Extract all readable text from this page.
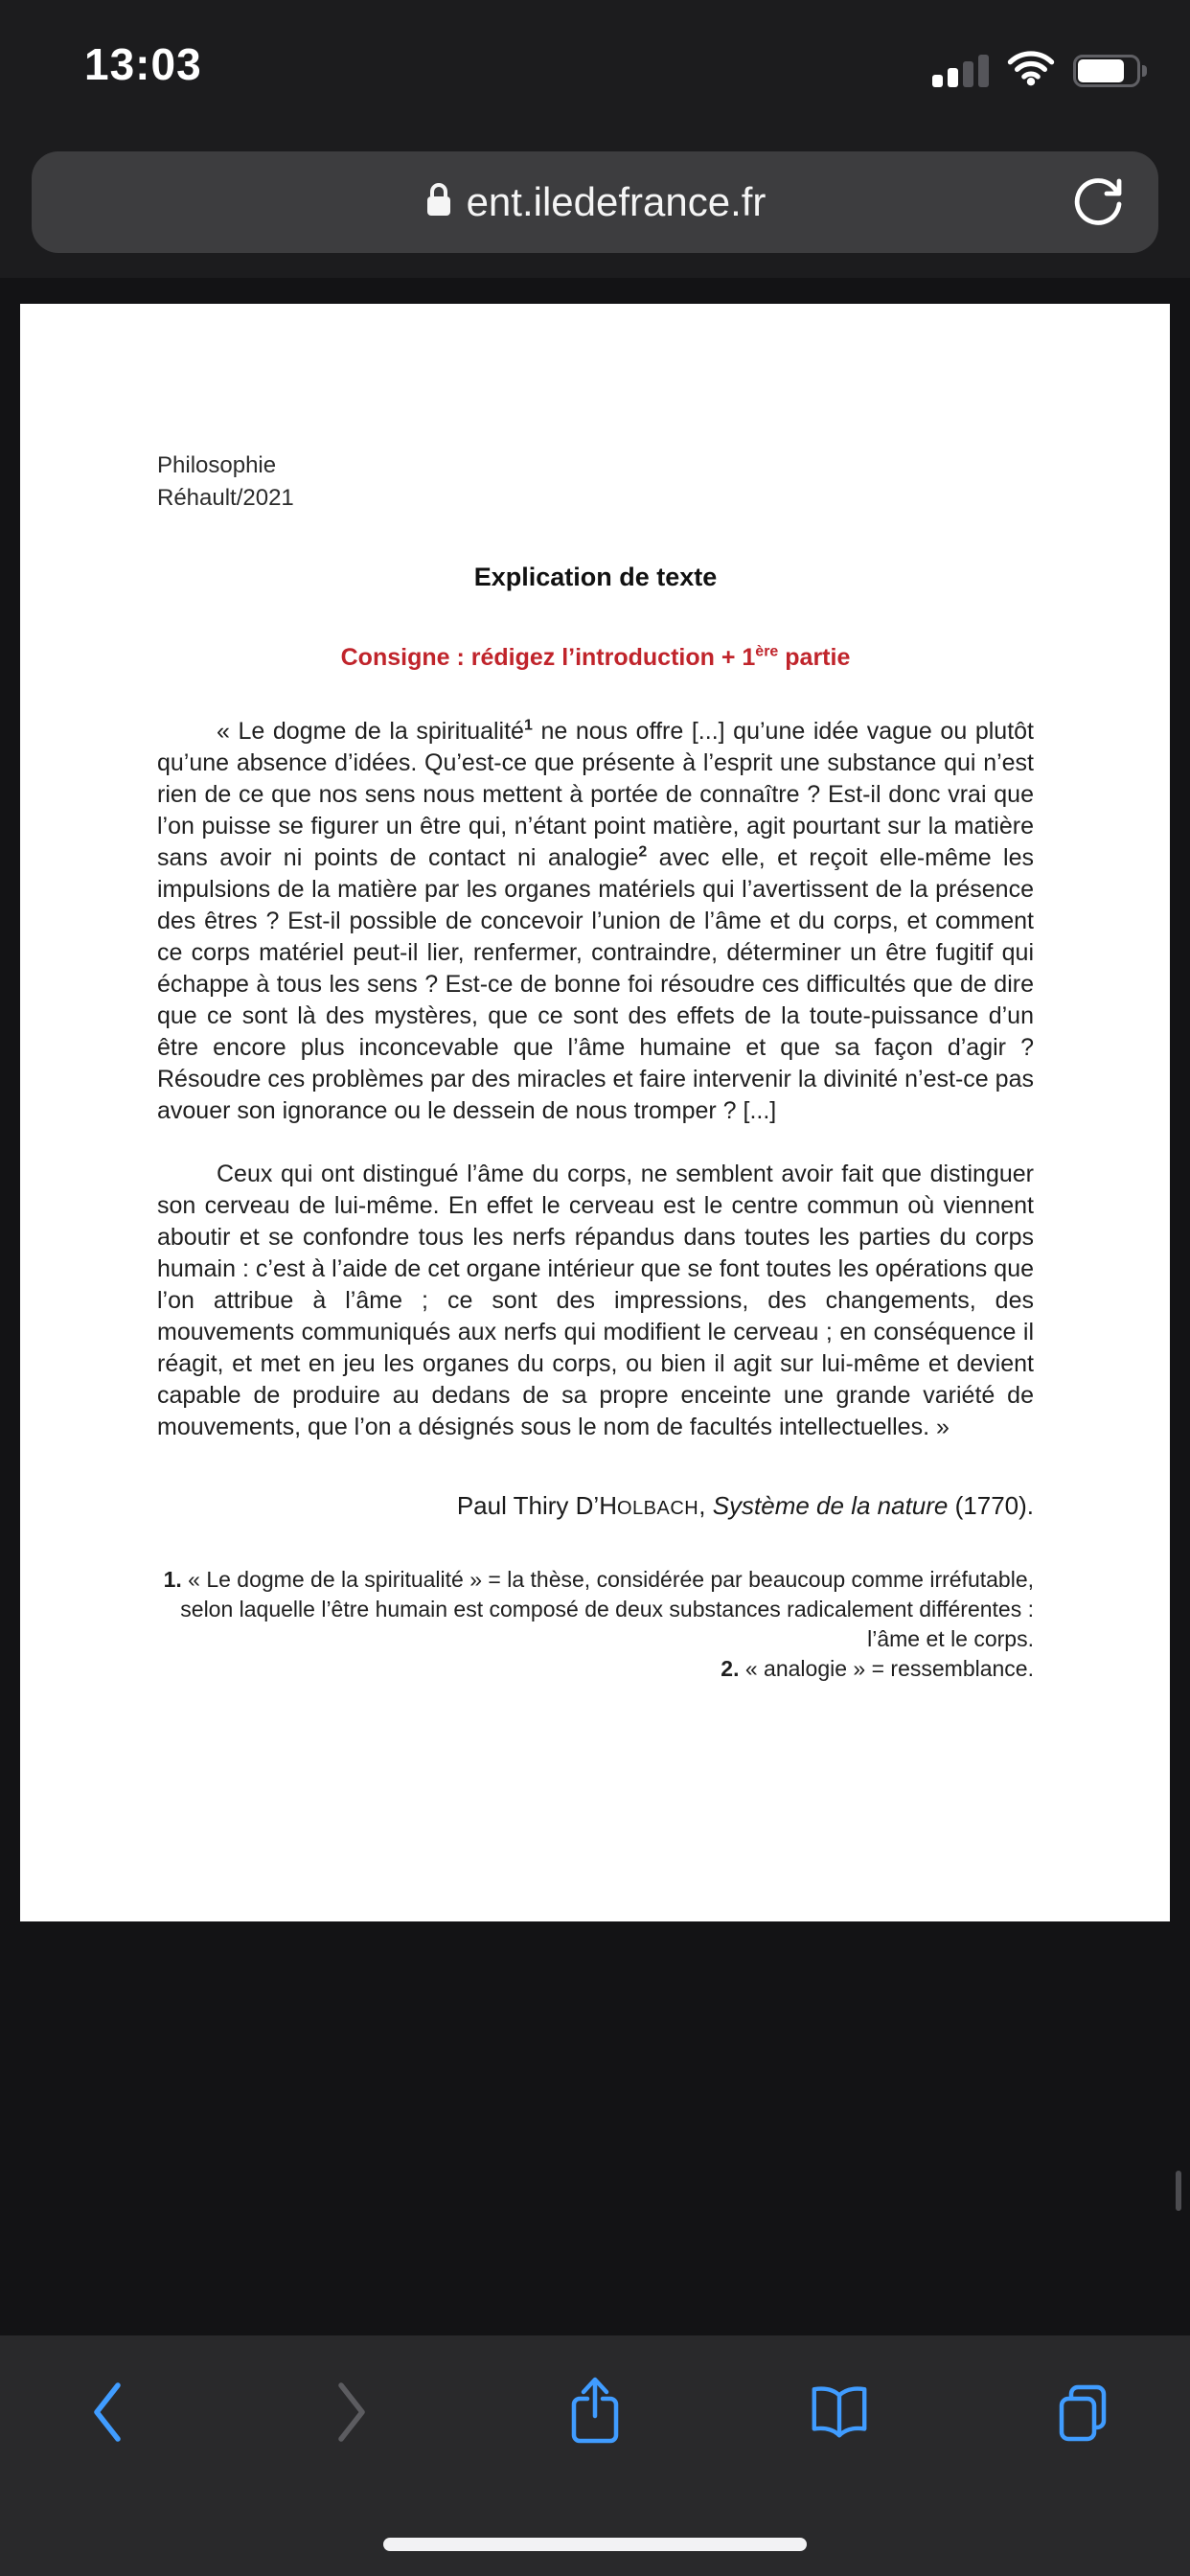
13:03
ent.iledefrance.fr
Philosophie
Réhault/2021
Explication de texte
Consigne : rédigez l’introduction + 1ère partie

« Le dogme de la spiritualité$^1$ ne nous offre [...] qu’une idée vague ou plutôt qu’une absence d’idées. Qu’est-ce que présente à l’esprit une substance qui n’est rien de ce que nos sens nous mettent à portée de connaître ? Est-il donc vrai que l’on puisse se figurer un être qui, n’étant point matière, agit pourtant sur la matière sans avoir ni points de contact ni analogie$^2$ avec elle, et reçoit elle-même les impulsions de la matière par les organes matériels qui l’avertissent de la présence des êtres ? Est-il possible de concevoir l’union de l’âme et du corps, et comment ce corps matériel peut-il lier, renfermer, contraindre, déterminer un être fugitif qui échappe à tous les sens ? Est-ce de bonne foi résoudre ces difficultés que de dire que ce sont là des mystères, que ce sont des effets de la toute-puissance d’un être encore plus inconcevable que l’âme humaine et que sa façon d’agir ? Résoudre ces problèmes par des miracles et faire intervenir la divinité n’est-ce pas avouer son ignorance ou le dessein de nous tromper ? [...]

Ceux qui ont distingué l’âme du corps, ne semblent avoir fait que distinguer son cerveau de lui-même. En effet le cerveau est le centre commun où viennent aboutir et se confondre tous les nerfs répandus dans toutes les parties du corps humain : c’est à l’aide de cet organe intérieur que se font toutes les opérations que l’on attribue à l’âme ; ce sont des impressions, des changements, des mouvements communiqués aux nerfs qui modifient le cerveau ; en conséquence il réagit, et met en jeu les organes du corps, ou bien il agit sur lui-même et devient capable de produire au dedans de sa propre enceinte une grande variété de mouvements, que l’on a désignés sous le nom de facultés intellectuelles. »

Paul Thiry D’HOLBACH, Système de la nature (1770).
1. « Le dogme de la spiritualité » = la thèse, considérée par beaucoup comme irréfutable, selon laquelle l’être humain est composé de deux substances radicalement différentes : l’âme et le corps.
2. « analogie » = ressemblance.
